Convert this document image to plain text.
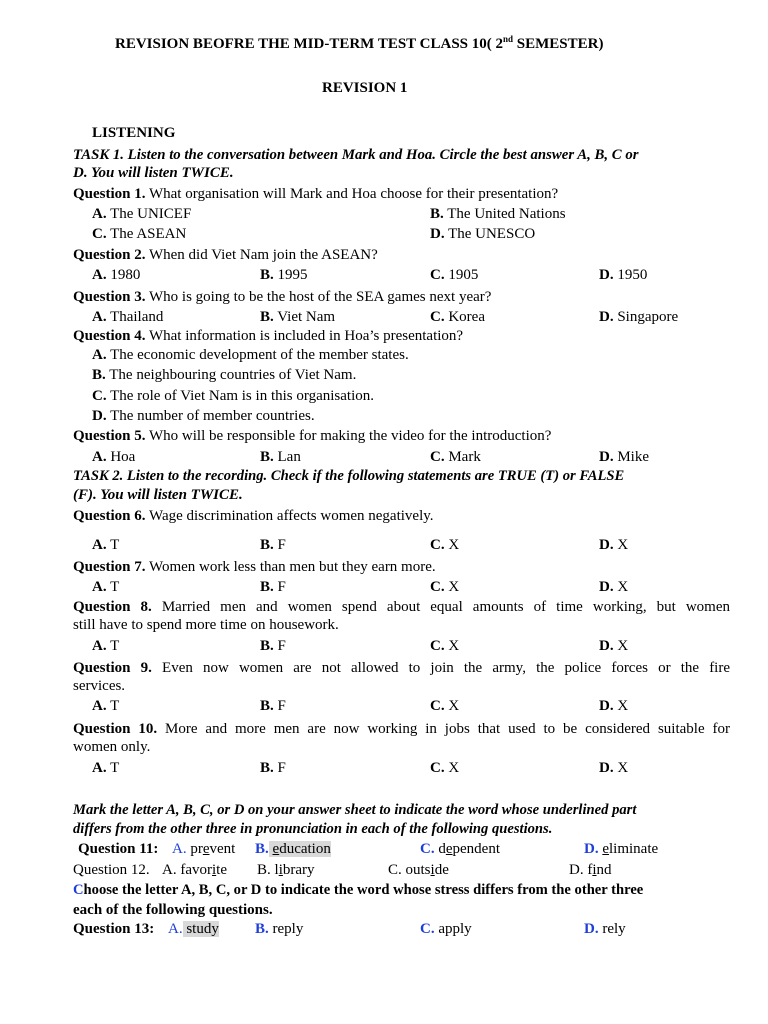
REVISION BEOFRE THE MID-TERM TEST CLASS 10( 2nd SEMESTER)
REVISION 1
LISTENING
TASK 1. Listen to the conversation between Mark and Hoa. Circle the best answer A, B, C or
D. You will listen TWICE.
Question 1. What organisation will Mark and Hoa choose for their presentation?
A. The UNICEF	B. The United Nations
C. The ASEAN	D. The UNESCO
Question 2. When did Viet Nam join the ASEAN?
A. 1980	B. 1995	C. 1905	D. 1950
Question 3. Who is going to be the host of the SEA games next year?
A. Thailand	B. Viet Nam	C. Korea	D. Singapore
Question 4. What information is included in Hoa’s presentation?
A. The economic development of the member states.
B. The neighbouring countries of Viet Nam.
C. The role of Viet Nam is in this organisation.
D. The number of member countries.
Question 5. Who will be responsible for making the video for the introduction?
A. Hoa	B. Lan	C. Mark	D. Mike
TASK 2. Listen to the recording. Check if the following statements are TRUE (T) or FALSE
(F). You will listen TWICE.
Question 6. Wage discrimination affects women negatively.
A. T	B. F	C. X	D. X
Question 7. Women work less than men but they earn more.
A. T	B. F	C. X	D. X
Question 8. Married men and women spend about equal amounts of time working, but women
still have to spend more time on housework.
A. T	B. F	C. X	D. X
Question 9. Even now women are not allowed to join the army, the police forces or the fire
services.
A. T	B. F	C. X	D. X
Question 10. More and more men are now working in jobs that used to be considered suitable for
women only.
A. T	B. F	C. X	D. X
Mark the letter A, B, C, or D on your answer sheet to indicate the word whose underlined part
differs from the other three in pronunciation in each of the following questions.
Question 11: A. prevent B. education	C. dependent	D. eliminate
Question 12. A. favorite B. library	C. outside	D. find
Choose the letter A, B, C, or D to indicate the word whose stress differs from the other three
each of the following questions.
Question 13: A. study B. reply	C. apply	D. rely
